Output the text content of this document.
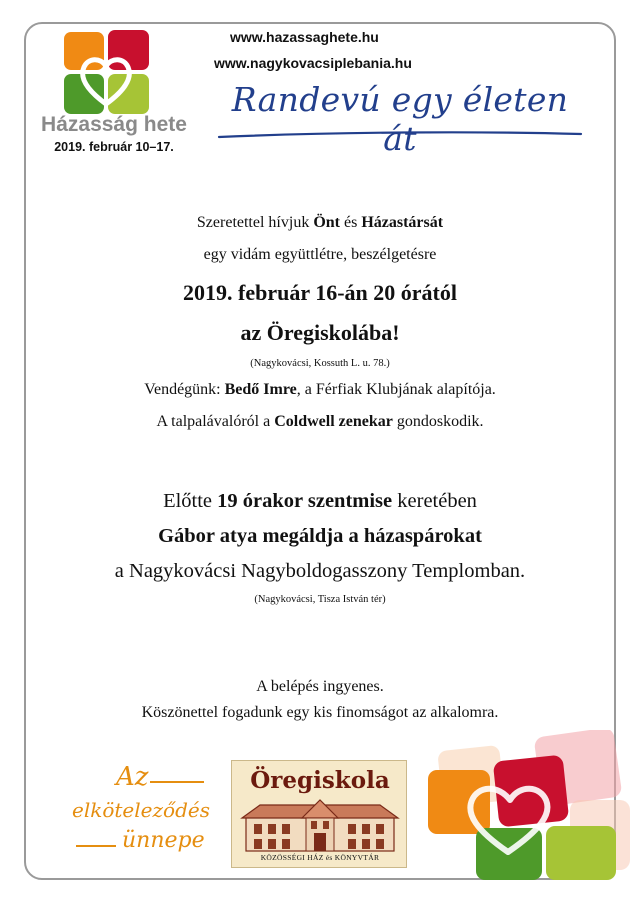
www.hazassaghete.hu
www.nagykovacsiplebania.hu
Házasság hete
2019. február 10–17.
Randevú egy életen át
Szeretettel hívjuk Önt és Házastársát
egy vidám együttlétre, beszélgetésre
2019. február 16-án 20 órától
az Öregiskolába!
(Nagykovácsi, Kossuth L. u. 78.)
Vendégünk: Bedő Imre, a Férfiak Klubjának alapítója.
A talpalávalóról a Coldwell zenekar gondoskodik.
Előtte 19 órakor szentmise keretében
Gábor atya megáldja a házaspárokat
a Nagykovácsi Nagyboldogasszony Templomban.
(Nagykovácsi, Tisza István tér)
A belépés ingyenes.
Köszönettel fogadunk egy kis finomságot az alkalomra.
Az
elköteleződés
ünnepe
Öregiskola
KÖZÖSSÉGI HÁZ és KÖNYVTÁR
